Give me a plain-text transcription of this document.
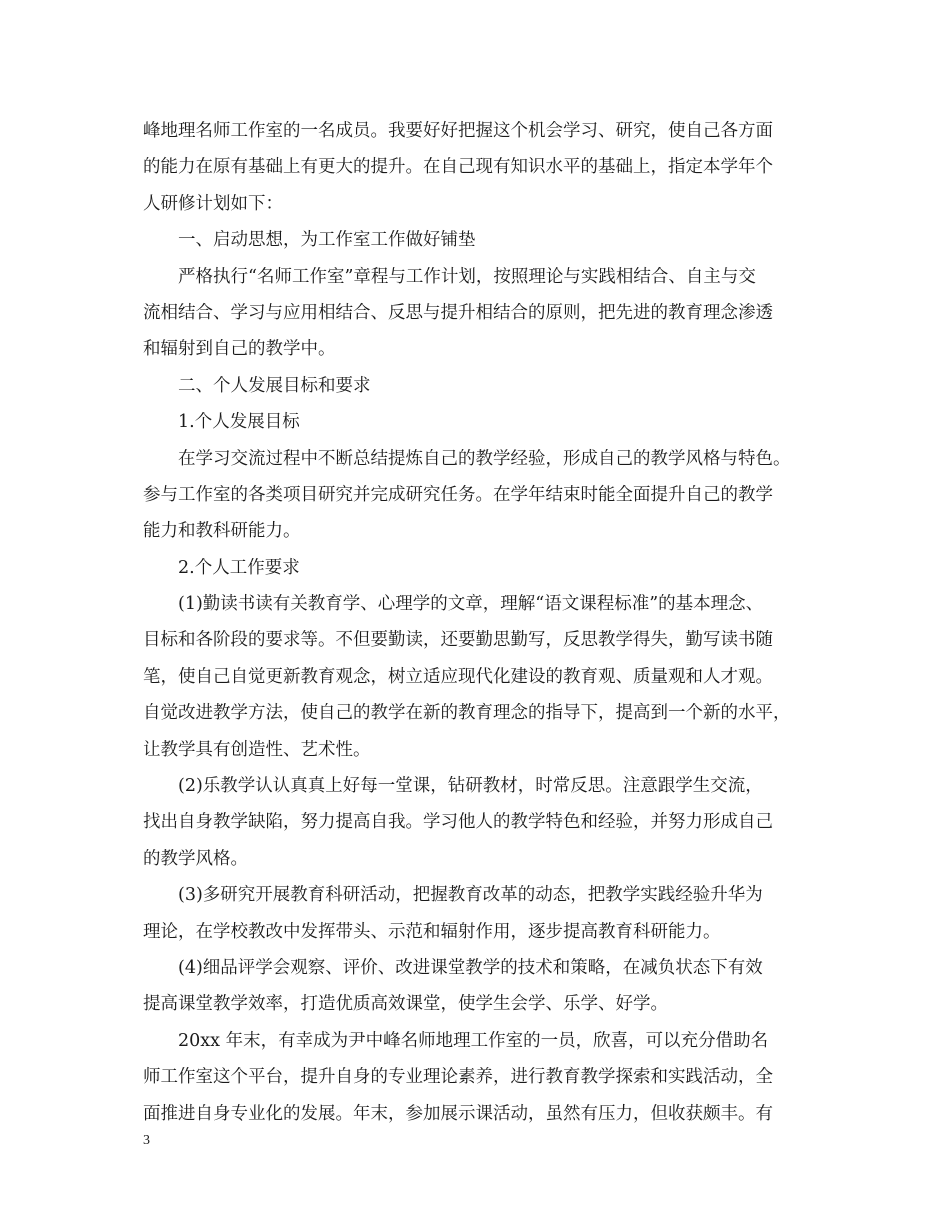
峰地理名师工作室的一名成员。我要好好把握这个机会学习、研究，使自己各方面
的能力在原有基础上有更大的提升。在自己现有知识水平的基础上，指定本学年个
人研修计划如下：
一、启动思想，为工作室工作做好铺垫
严格执行“名师工作室”章程与工作计划，按照理论与实践相结合、自主与交
流相结合、学习与应用相结合、反思与提升相结合的原则，把先进的教育理念渗透
和辐射到自己的教学中。
二、个人发展目标和要求
1.个人发展目标
在学习交流过程中不断总结提炼自己的教学经验，形成自己的教学风格与特色。
参与工作室的各类项目研究并完成研究任务。在学年结束时能全面提升自己的教学
能力和教科研能力。
2.个人工作要求
(1)勤读书读有关教育学、心理学的文章，理解“语文课程标准”的基本理念、
目标和各阶段的要求等。不但要勤读，还要勤思勤写，反思教学得失，勤写读书随
笔，使自己自觉更新教育观念，树立适应现代化建设的教育观、质量观和人才观。
自觉改进教学方法，使自己的教学在新的教育理念的指导下，提高到一个新的水平，
让教学具有创造性、艺术性。
(2)乐教学认认真真上好每一堂课，钻研教材，时常反思。注意跟学生交流，
找出自身教学缺陷，努力提高自我。学习他人的教学特色和经验，并努力形成自己
的教学风格。
(3)多研究开展教育科研活动，把握教育改革的动态，把教学实践经验升华为
理论，在学校教改中发挥带头、示范和辐射作用，逐步提高教育科研能力。
(4)细品评学会观察、评价、改进课堂教学的技术和策略，在减负状态下有效
提高课堂教学效率，打造优质高效课堂，使学生会学、乐学、好学。
20xx 年末，有幸成为尹中峰名师地理工作室的一员，欣喜，可以充分借助名
师工作室这个平台，提升自身的专业理论素养，进行教育教学探索和实践活动，全
面推进自身专业化的发展。年末，参加展示课活动，虽然有压力，但收获颇丰。有
3
